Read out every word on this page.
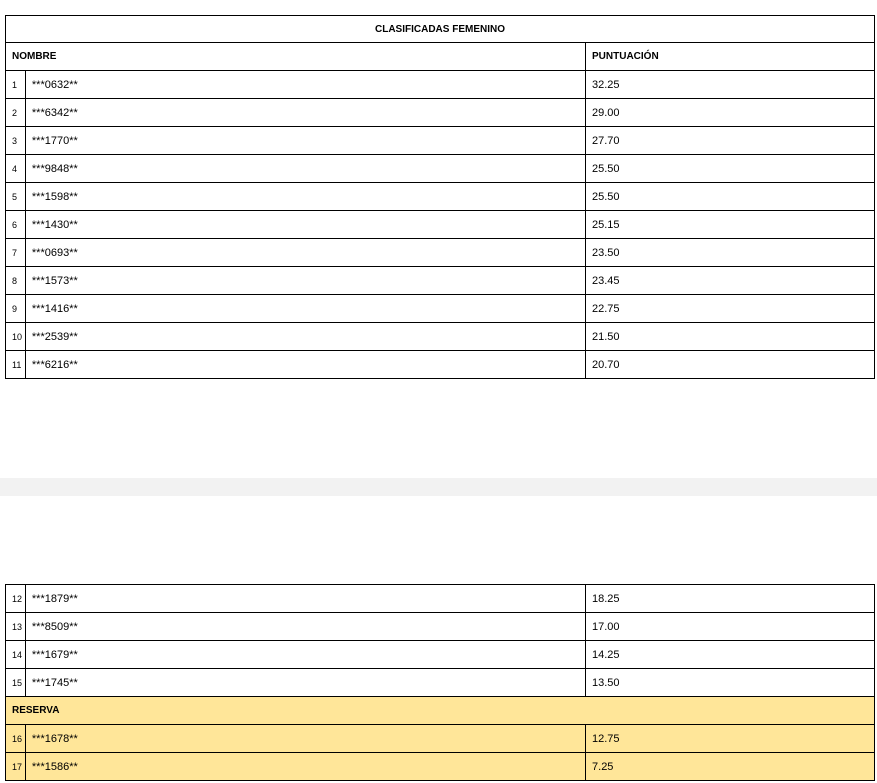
CLASIFICADAS FEMENINO		
NOMBRE		PUNTUACIÓN
1	***0632**	32.25
2	***6342**	29.00
3	***1770**	27.70
4	***9848**	25.50
5	***1598**	25.50
6	***1430**	25.15
7	***0693**	23.50
8	***1573**	23.45
9	***1416**	22.75
10	***2539**	21.50
11	***6216**	20.70
12	***1879**	18.25
13	***8509**	17.00
14	***1679**	14.25
15	***1745**	13.50
RESERVA		
16	***1678**	12.75
17	***1586**	7.25
